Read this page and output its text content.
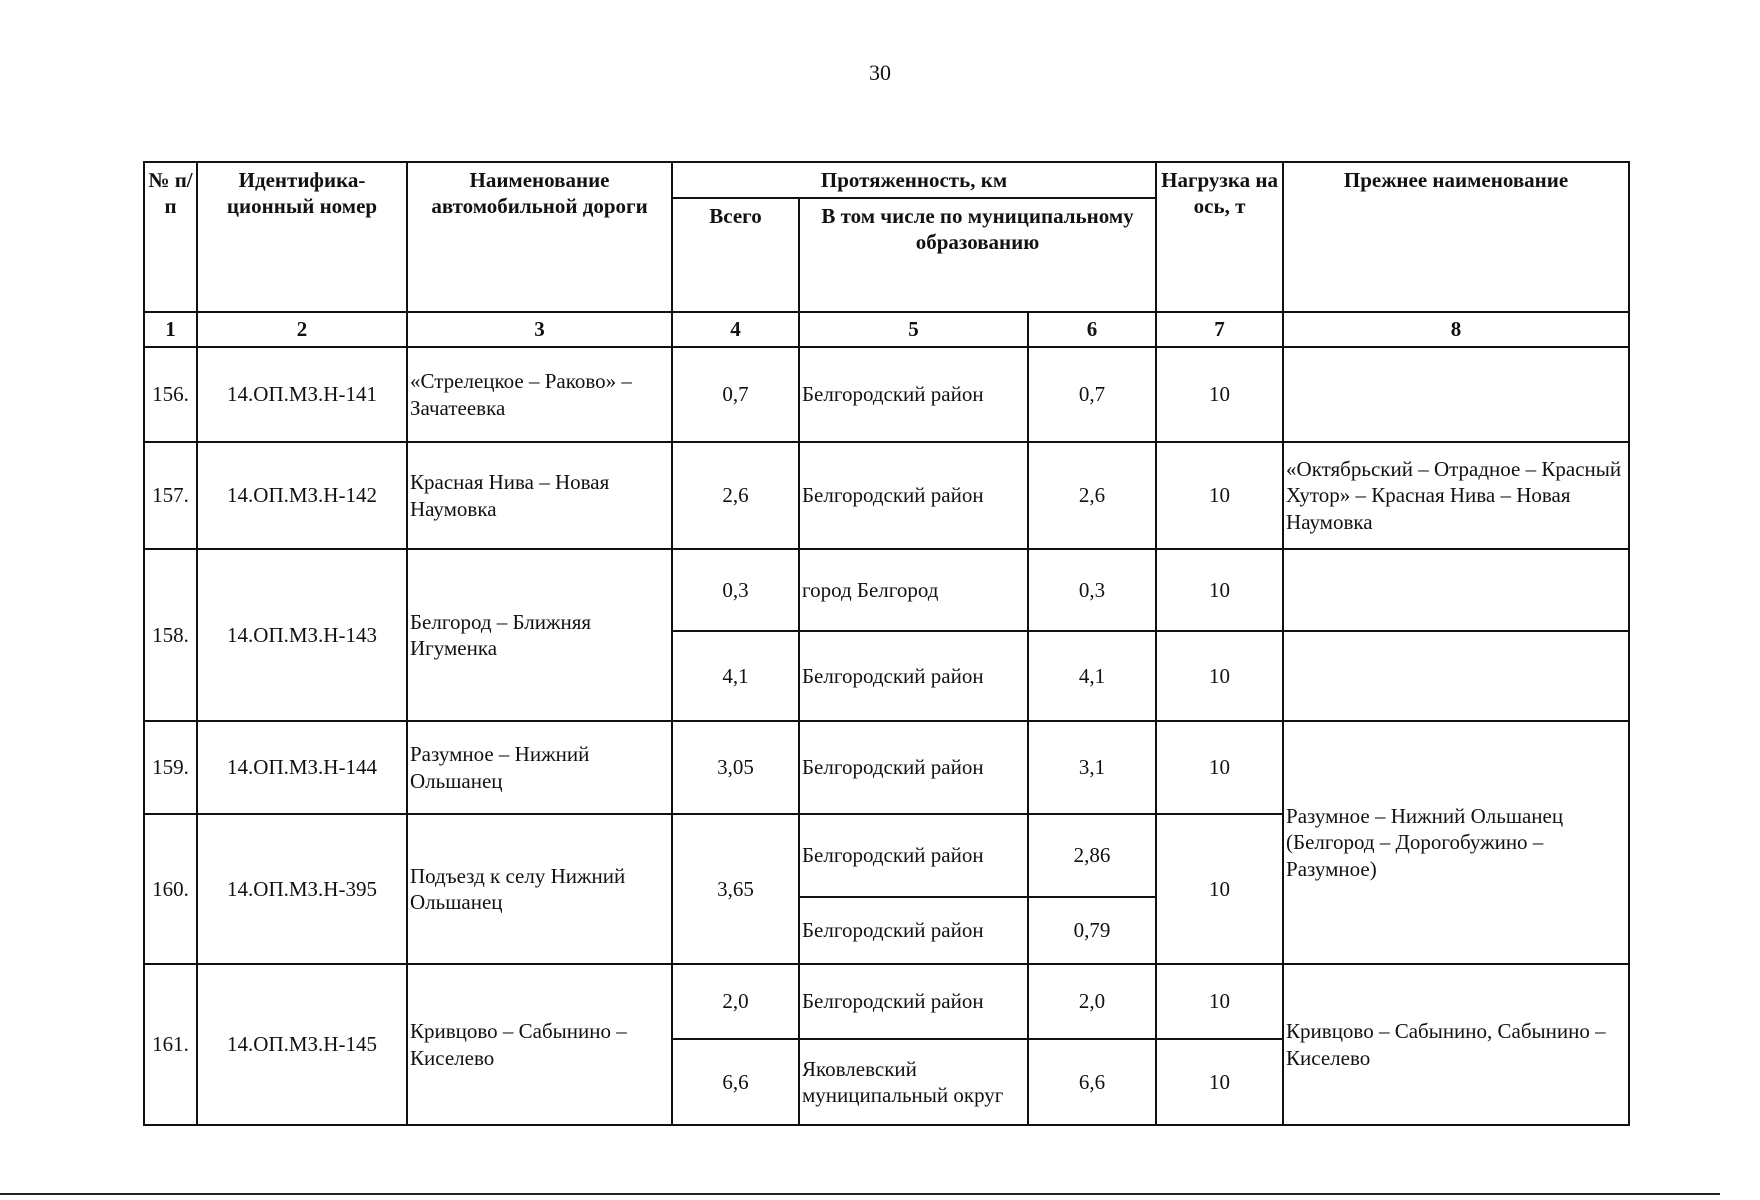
30
№ п/п	Идентифика-ционный номер	Наименование автомобильной дороги	Протяженность, км			Нагрузка на ось, т	Прежнее наименование
			Всего	В том числе по муниципальному образованию			
1	2	3	4	5	6	7	8
156.	14.ОП.МЗ.Н-141	«Стрелецкое – Раково» – Зачатеевка	0,7	Белгородский район	0,7	10	
157.	14.ОП.МЗ.Н-142	Красная Нива – Новая Наумовка	2,6	Белгородский район	2,6	10	«Октябрьский – Отрадное – Красный Хутор» – Красная Нива – Новая Наумовка
158.	14.ОП.МЗ.Н-143	Белгород – Ближняя Игуменка	0,3	город Белгород	0,3	10	
			4,1	Белгородский район	4,1	10	
159.	14.ОП.МЗ.Н-144	Разумное – Нижний Ольшанец	3,05	Белгородский район	3,1	10	Разумное – Нижний Ольшанец (Белгород – Дорогобужино – Разумное)
160.	14.ОП.МЗ.Н-395	Подъезд к селу Нижний Ольшанец	3,65	Белгородский район	2,86	10	
				Белгородский район	0,79		
161.	14.ОП.МЗ.Н-145	Кривцово – Сабынино – Киселево	2,0	Белгородский район	2,0	10	Кривцово – Сабынино, Сабынино – Киселево
			6,6	Яковлевский муниципальный округ	6,6	10	
